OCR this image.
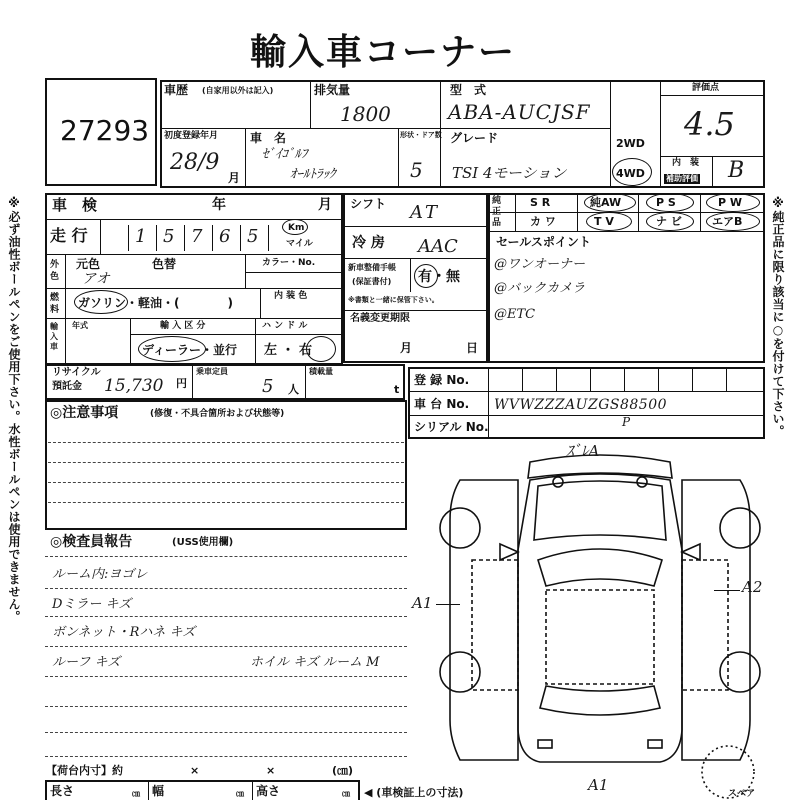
輸入車コーナー
※必ず油性ボールペンをご使用下さい。水性ボールペンは使用できません。	※純正品に限り該当に○を付けて下さい。
27293
車歴 (自家用以外は記入)	排気量
1800
型　式
ABA-AUCJSF
評価点
4.5
初度登録年月
28/9
月
車　名
ｾﾞｲｺﾞﾙﾌ
ｵｰﾙﾄﾗｯｸ
形状・ドア数
5
グレード
TSI 4モーション
2WD
4WD
内　装
補助評価 B
車　検	年	月
走 行	1 5 7 6 5	Km
マイル
外色
元色	色替
アオ
カラー・No.
燃料 ガソリン・軽油・(　　　　)	内 装 色
輸入車
年式	輸 入 区 分
ディーラー・並行
ハ ン ド ル
左 ・ 右
リサイクル
預託金 15,730 円
乗車定員
5 人
積載量
t
シフト AT
冷 房 AAC
新車整備手帳
(保証書付) 有・無
※書類と一緒に保管下さい。
名義変更期限
月	日
純正品
S R	純AW	P S	P W
カ ワ	T V	ナ ビ	エアB
セールスポイント
@ワンオーナー
@バックカメラ
@ETC
登 録 No.
車 台 No. WVWZZZAUZGS88500
P
シリアル No.
◎注意事項	(修復・不具合箇所および状態等)
◎検査員報告	(USS使用欄)
ルーム内:ヨゴレ
Dミラー キズ
ボンネット・Rハネ キズ
ルーフ キズ	ホイル キズ ルーム M
【荷台内寸】約	×	×	(㎝)
長さ	㎝ 幅	㎝ 高さ	㎝ ◀ (車検証上の寸法)
ｽﾞﾚA
A1
A2
A1	スペア
